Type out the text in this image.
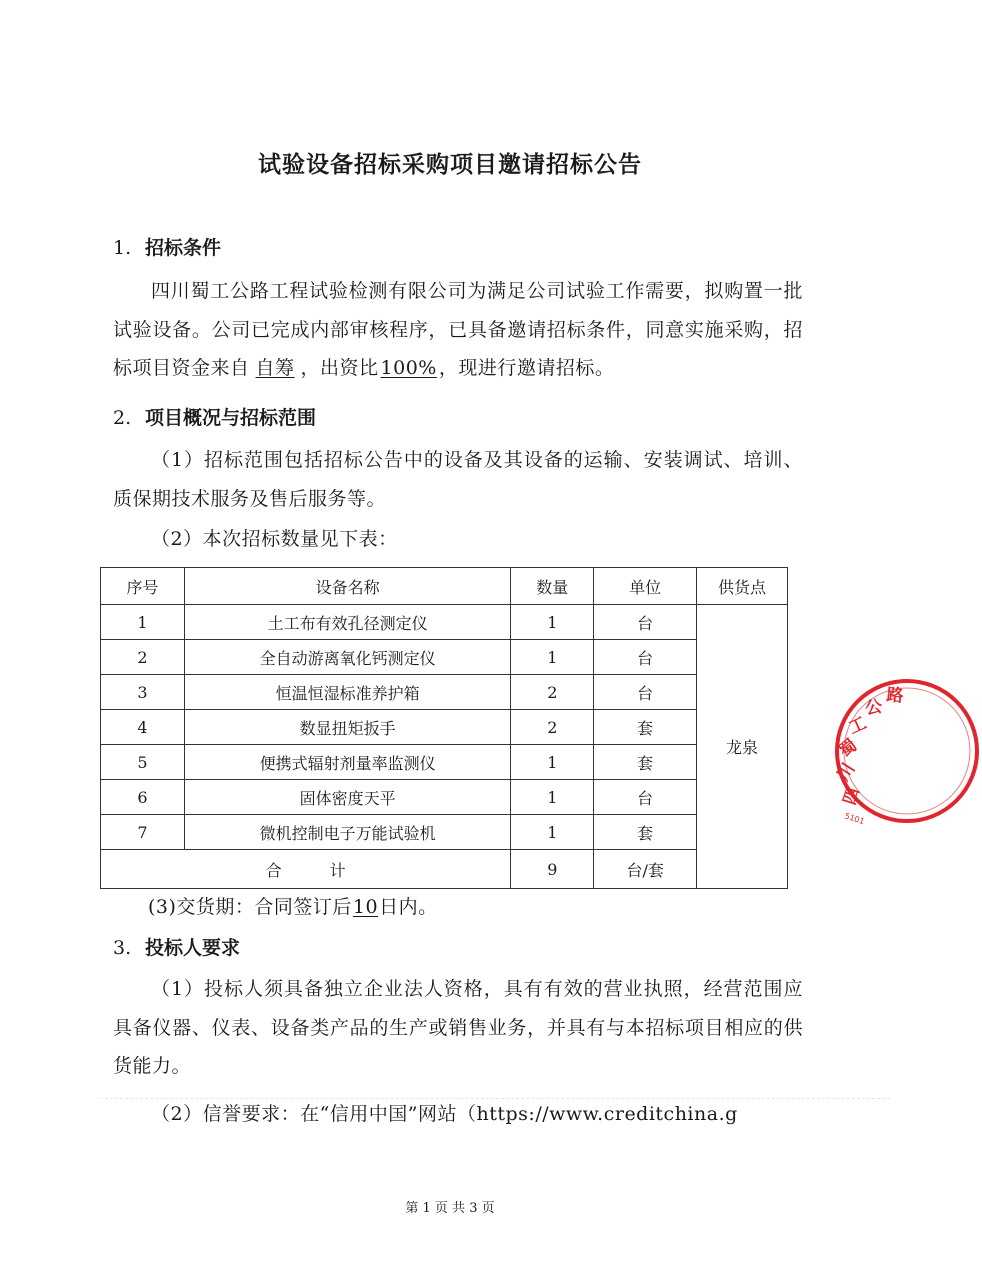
试验设备招标采购项目邀请招标公告
1. 招标条件
四川蜀工公路工程试验检测有限公司为满足公司试验工作需要，拟购置一批试验设备。公司已完成内部审核程序，已具备邀请招标条件，同意实施采购，招标项目资金来自 自筹 ，出资比 100% ，现进行邀请招标。
2. 项目概况与招标范围
（1）招标范围包括招标公告中的设备及其设备的运输、安装调试、培训、质保期技术服务及售后服务等。
（2）本次招标数量见下表：
序号	设备名称	数量	单位	供货点
1	土工布有效孔径测定仪	1	台	龙泉
2	全自动游离氧化钙测定仪	1	台	
3	恒温恒湿标准养护箱	2	台	
4	数显扭矩扳手	2	套	
5	便携式辐射剂量率监测仪	1	套	
6	固体密度天平	1	台	
7	微机控制电子万能试验机	1	套	
合　　　计		9	台/套	
(3)交货期：合同签订后10日内。
3. 投标人要求
（1）投标人须具备独立企业法人资格，具有有效的营业执照，经营范围应具备仪器、仪表、设备类产品的生产或销售业务，并具有与本招标项目相应的供货能力。
（2）信誉要求：在“信用中国”网站（https://www.creditchina.g
第 1 页 共 3 页
四
川
蜀
工
公
路
5101
